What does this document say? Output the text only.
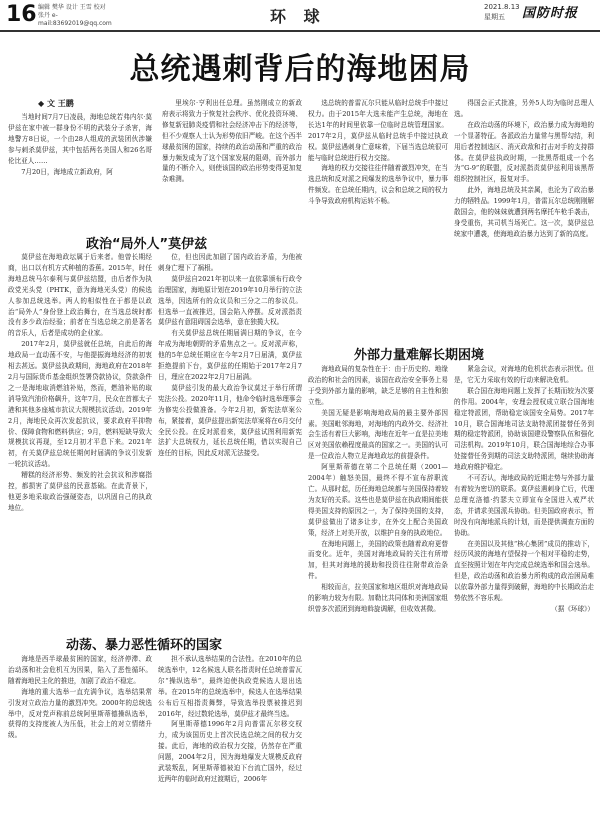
16 编辑 樊华 设计 王雪 校对 张丹 e-mail:83692019@qq.com	环 球	2021.8.13
星期五	国防时报
总统遇刺背后的海地困局
◆ 文 王鹏

当地时间7月7日凌晨，海地总统若弗内尔·莫伊兹在家中被一群身份不明的武装分子杀害，海地警方8日说，一个由28人组成的武装团伙涉嫌参与刺杀莫伊兹，其中包括两名美国人和26名哥伦比亚人……

7月20日，海地成立新政府，阿

里埃尔·亨利出任总理。虽然刚成立的新政府表示将致力于恢复社会秩序、优化投资环境、修复新冠肺炎疫情和社会经济冲击下的经济等，但不少观察人士认为形势依旧严峻。在这个西半球最贫困的国家，持续的政治动荡和严重的政治暴力频发成为了这个国家发展的阻碍，而外部力量的不断介入，则使该国的政治形势变得更加复杂难测。

选总统的普雷瓦尔只能从临时总统手中接过权力。由于2015年大选未能产生总统，海地在长达1年的时间里依靠一位临时总统管理国家。2017年2月，莫伊兹从临时总统手中接过执政权。莫伊兹遇刺身亡意味着，下届当选总统很可能与临时总统进行权力交接。

海地的权力交接往往伴随着激烈冲突，在当选总统和反对派之间爆发的选举争议中，暴力事件频发。在总统任期内，议会和总统之间的权力斗争导致政府机构运转不畅。

得国会正式批准，另外5人均为临时总理人选。

在政治动荡的环境下，政治暴力成为海地的一个显著特征。各派政治力量常与黑帮勾结，利用后者控制选区、消灭政敌和打击对手的支持群体。在莫伊兹执政时期，一批黑帮组成一个名为“G-9”的联盟，反对派指责莫伊兹利用该黑帮组织控制社区，报复对手。

此外，海地总统及其亲属，也沦为了政治暴力的牺牲品。1999年1月，普雷瓦尔总统刚刚解散国会，他的妹妹就遭到两名摩托车枪手袭击，身受重伤，其司机当场死亡。这一次，莫伊兹总统家中遭袭，使海地政治暴力达到了新的高度。

政治“局外人”莫伊兹

莫伊兹在海地政坛属于后来者。他曾长期经商，出口以有机方式种植的香蕉。2015年，时任海地总统马尔泰利与莫伊兹结盟，由后者作为执政党光头党（PHTK，意为海地光头党）的候选人参加总统选举。两人的相似性在于都是以政治“局外人”身份登上政治舞台，在当选总统时都没有多少政治经验；前者在当选总统之前是著名的音乐人，后者是成功的企业家。

2017年2月，莫伊兹就任总统，自此后的海地政局一直动荡不安，与他提振海地经济的初衷相去甚远。莫伊兹执政期间，海地政府在2018年2月与国际货币基金组织签署贷款协议，贷款条件之一是海地取消燃油补贴，然而，燃油补贴的取消导致汽油价格飙升，这年7月，民众在首都太子港和其他多座城市抗议大规模抗议活动。2019年2月，海地民众再次发起抗议，要求政府平抑物价、保障食物和燃料供应；9月，燃料短缺导致大规模抗议再现，至12月初才平息下来。2021年初，有关莫伊兹总统任期何时届满的争议引发新一轮抗议活动。

糟糕的经济形势、频发的社会抗议和涉腐指控，都损害了莫伊兹的民意基础。在此背景下，他更多地采取政治强硬姿态，以巩固自己的执政地位。

位，但也因此加剧了国内政治矛盾，为他被刺身亡埋下了祸根。

莫伊兹自2021年初以来一直依靠颁布行政令治理国家，海地原计划在2019年10月举行的立法选举，因选所有的众议员和三分之二的参议员。但选举一直被推迟，国会陷入停摆。反对派指责莫伊兹有意阻碍国会选举，意在独揽大权。

有关莫伊兹总统任期届满日期的争议，在今年成为海地朝野的矛盾焦点之一。反对派声称，他的5年总统任期应在今年2月7日届满，莫伊兹拒绝提前下台，莫伊兹的任期始于2017年2月7日，理应在2022年2月7日届满。

莫伊兹引发的最大政治争议莫过于举行所谓宪法公投。2020年11月，他命令临时选举理事会为修宪公投做准备。今年2月初，新宪法草案公布，紧接着，莫伊兹提出新宪法草案将在6月交付全民公投。在反对派看来，莫伊兹试图利用新宪法扩大总统权力，延长总统任期，借以实现自己连任的目标，因此反对派无法接受。

外部力量难解长期困境

海地政局的复杂性在于：由于历史的、地缘政治的和社会的因素，该国在政治安全事务上易于受到外部力量的影响，缺乏足够的自主性和独立性。

美国无疑是影响海地政局的最主要外部因素。美国毗邻海地，对海地的内政外交、经济社会生活有着巨大影响，海地在近年一直是拉美地区对美国依赖程度最高的国家之一。美国的认可是一位政治人物立足海地政坛的前提条件。

阿里斯蒂德在第二个总统任期（2001—2004年）触怒美国，最终不得不宣布辞职流亡。从那时起，历任海地总统都与美国保持着较为友好的关系。这些也是莫伊兹在执政期间能获得美国支持的原因之一，为了保持美国的支持，莫伊兹做出了诸多让步，在外交上配合美国政策，经济上对美开放，以维护自身的执政地位。

在海地问题上，美国的政策也随着政府更替而变化。近年，美国对海地政局的关注有所增加，但其对海地的援助和投资往往附带政治条件。

相较而言，拉美国家和地区组织对海地政局的影响力较为有限。加勒比共同体和美洲国家组织曾多次派团到海地斡旋调解，但收效甚微。

紧急会议，对海地的危机状态表示担忧。但是，它无力采取有效的行动来解决危机。

联合国在海地问题上发挥了长期而较为次要的作用。2004年，安理会授权成立联合国海地稳定特派团，帮助稳定该国安全局势。2017年10月，联合国海地司法支助特派团接替任务到期的稳定特派团，协助该国建设警察队伍和强化司法机构。2019年10月，联合国海地综合办事处接替任务到期的司法支助特派团，继续协助海地政府维护稳定。

不可否认，海地政局的近期走势与外部力量有着较为密切的联系。莫伊兹遇刺身亡后，代理总理克洛德·约瑟夫立即宣布全国进入戒严状态，并请求美国派兵协助。但美国政府表示，暂时没有向海地派兵的计划，而是提供调查方面的协助。

在美国以及其他“核心集团”成员的推动下，经历风波的海地有望保持一个相对平稳的走势，直至按照计划在年内完成总统选举和国会选举。但是，政治动荡和政治暴力所构成的政治困局难以依靠外部力量得到破解，海地的中长期政治走势依然不容乐观。

（据《环球》）

动荡、暴力恶性循环的国家

海地是西半球最贫困的国家，经济停滞、政治动荡和社会危机互为因果，陷入了恶性循环。随着海地民主化的推进，加剧了政治不稳定。

海地的重大选举一直充满争议，选举结果常引发对立政治力量的激烈冲突。2000年的总统选举中，反对党声称前总统阿里斯蒂德操纵选举，获得的支持度被人为压低，社会上的对立情绪升级。

担不承认选举结果的合法性。在2010年的总统选举中，12名候选人联名指责时任总统普雷瓦尔“操纵选举”，最终迫使执政党候选人退出选举。在2015年的总统选举中，候选人在选举结果公布后互相指责舞弊，导致选举投票被推迟到2016年，经过数轮选举，莫伊兹才最终当选。

阿里斯蒂德1996年2月向普雷瓦尔移交权力，成为该国历史上首次民选总统之间的权力交接。此后，海地的政治权力交接，仍然存在严重问题，2004年2月，因为海地爆发大规模反政府武装叛乱，阿里斯蒂德被迫下台流亡国外，经过近两年的临时政府过渡期后，2006年
